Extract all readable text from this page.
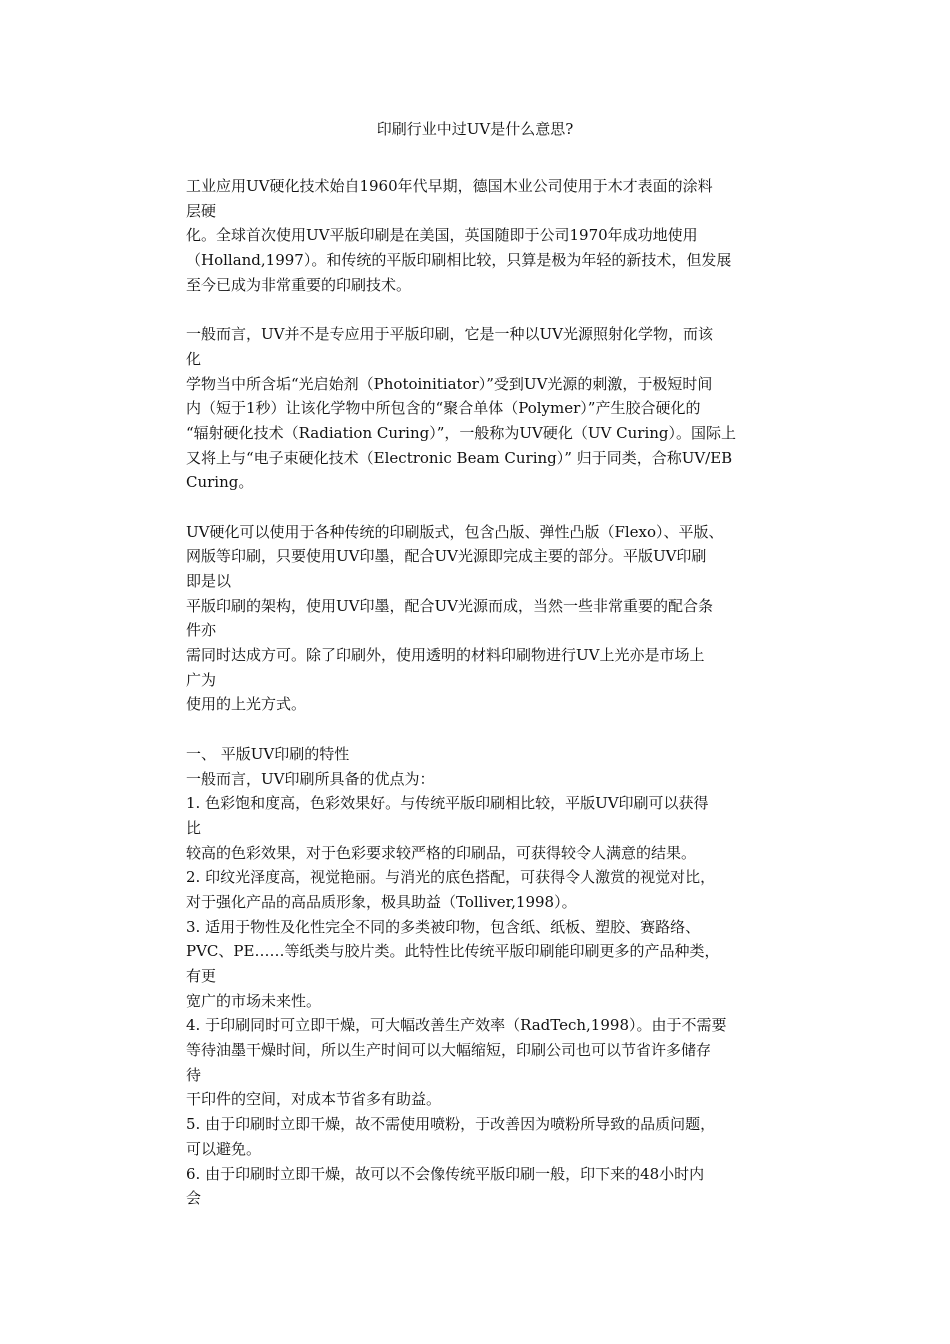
印刷行业中过UV是什么意思?
工业应用UV硬化技术始自1960年代早期，德国木业公司使用于木才表面的涂料
层硬
化。全球首次使用UV平版印刷是在美国，英国随即于公司1970年成功地使用
（Holland,1997）。和传统的平版印刷相比较，只算是极为年轻的新技术，但发展
至今已成为非常重要的印刷技术。
一般而言，UV并不是专应用于平版印刷，它是一种以UV光源照射化学物，而该
化
学物当中所含垢“光启始剂（Photoinitiator）”受到UV光源的刺激，于极短时间
内（短于1秒）让该化学物中所包含的“聚合单体（Polymer）”产生胶合硬化的
“辐射硬化技术（Radiation Curing）”，一般称为UV硬化（UV Curing）。国际上
又将上与“电子束硬化技术（Electronic Beam Curing）” 归于同类，合称UV/EB
Curing。
UV硬化可以使用于各种传统的印刷版式，包含凸版、弹性凸版（Flexo）、平版、
网版等印刷，只要使用UV印墨，配合UV光源即完成主要的部分。平版UV印刷
即是以
平版印刷的架构，使用UV印墨，配合UV光源而成，当然一些非常重要的配合条
件亦
需同时达成方可。除了印刷外，使用透明的材料印刷物进行UV上光亦是市场上
广为
使用的上光方式。
一、 平版UV印刷的特性
一般而言，UV印刷所具备的优点为：
1. 色彩饱和度高，色彩效果好。与传统平版印刷相比较，平版UV印刷可以获得
比
较高的色彩效果，对于色彩要求较严格的印刷品，可获得较令人满意的结果。
2. 印纹光泽度高，视觉艳丽。与消光的底色搭配，可获得令人激赏的视觉对比，
对于强化产品的高品质形象，极具助益（Tolliver,1998）。
3. 适用于物性及化性完全不同的多类被印物，包含纸、纸板、塑胶、赛路络、
PVC、PE……等纸类与胶片类。此特性比传统平版印刷能印刷更多的产品种类，
有更
宽广的市场未来性。
4. 于印刷同时可立即干燥，可大幅改善生产效率（RadTech,1998）。由于不需要
等待油墨干燥时间，所以生产时间可以大幅缩短，印刷公司也可以节省许多储存
待
干印件的空间，对成本节省多有助益。
5. 由于印刷时立即干燥，故不需使用喷粉，于改善因为喷粉所导致的品质问题，
可以避免。
6. 由于印刷时立即干燥，故可以不会像传统平版印刷一般，印下来的48小时内
会
